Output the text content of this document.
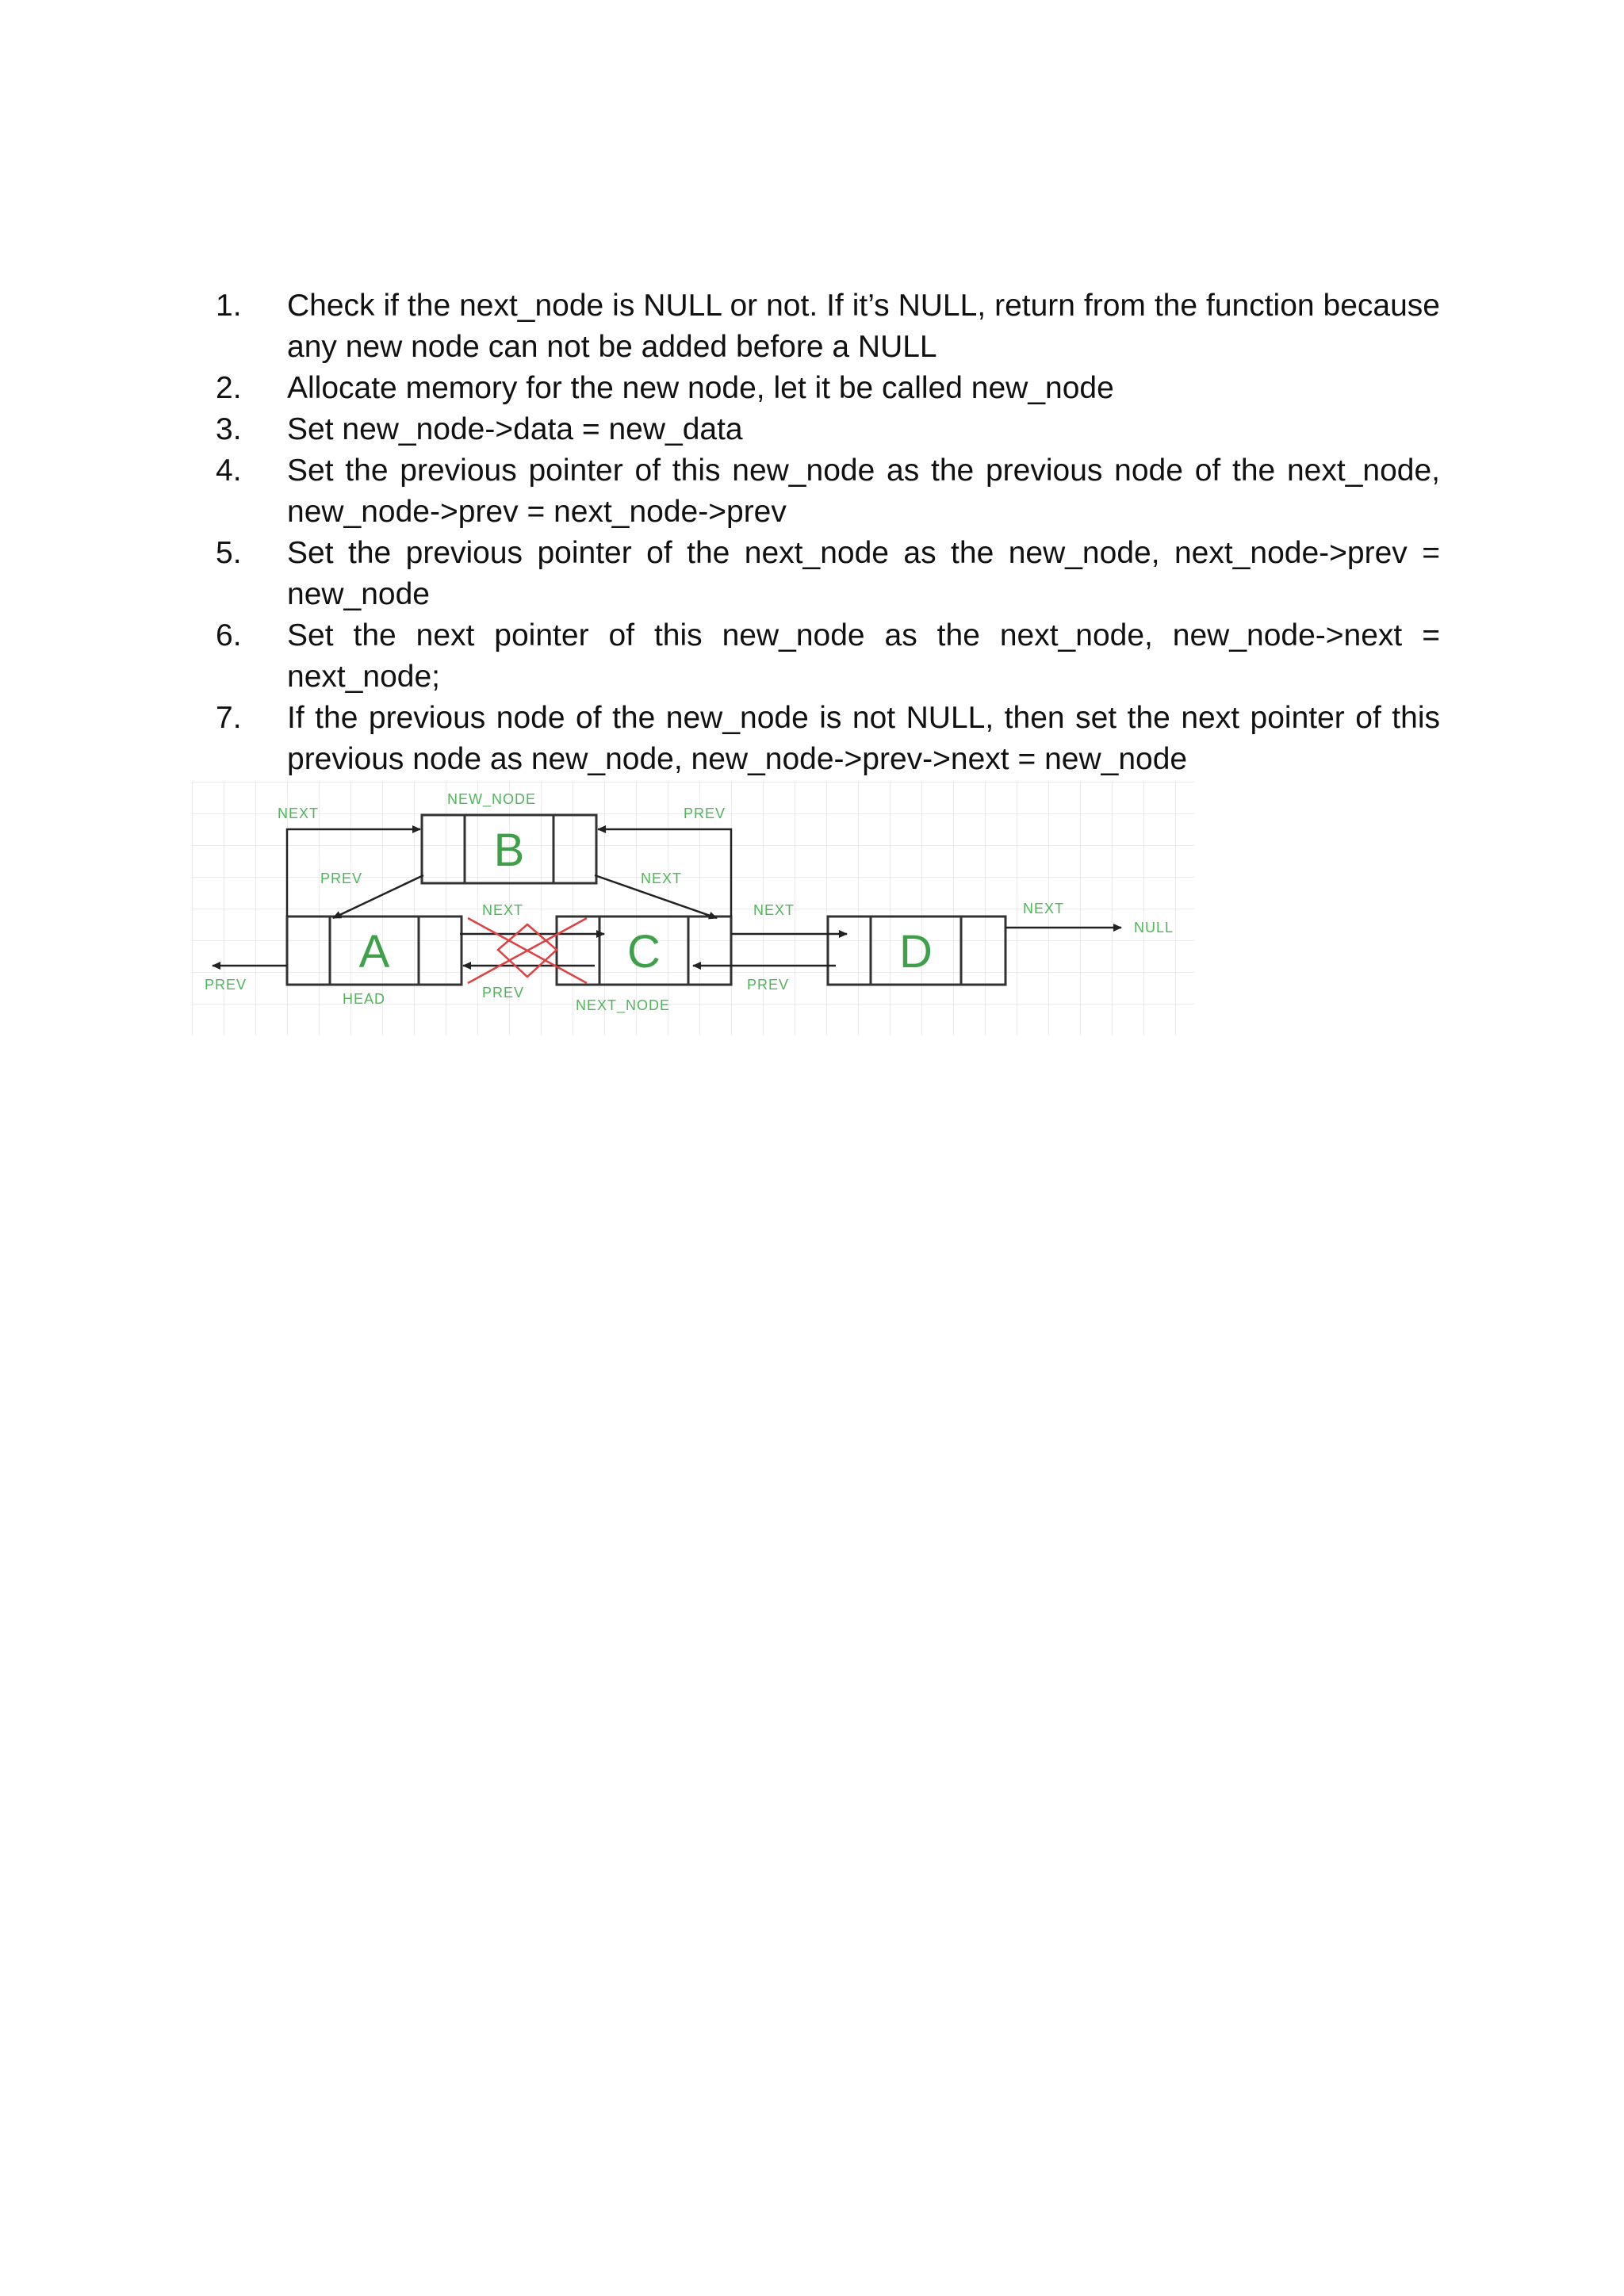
1. Check if the next_node is NULL or not. If it’s NULL, return from the function because any new node can not be added before a NULL
2. Allocate memory for the new node, let it be called new_node
3. Set new_node->data = new_data
4. Set the previous pointer of this new_node as the previous node of the next_node, new_node->prev = next_node->prev
5. Set the previous pointer of the next_node as the new_node, next_node->prev = new_node
6. Set the next pointer of this new_node as the next_node, new_node->next = next_node;
7. If the previous node of the new_node is not NULL, then set the next pointer of this previous node as new_node, new_node->prev->next = new_node
B
A	C	D
NEW_NODE
NEXT	PREV
PREV	NEXT
NEXT
PREV
NEXT
PREV
NEXT
NULL
PREV
HEAD	NEXT_NODE
